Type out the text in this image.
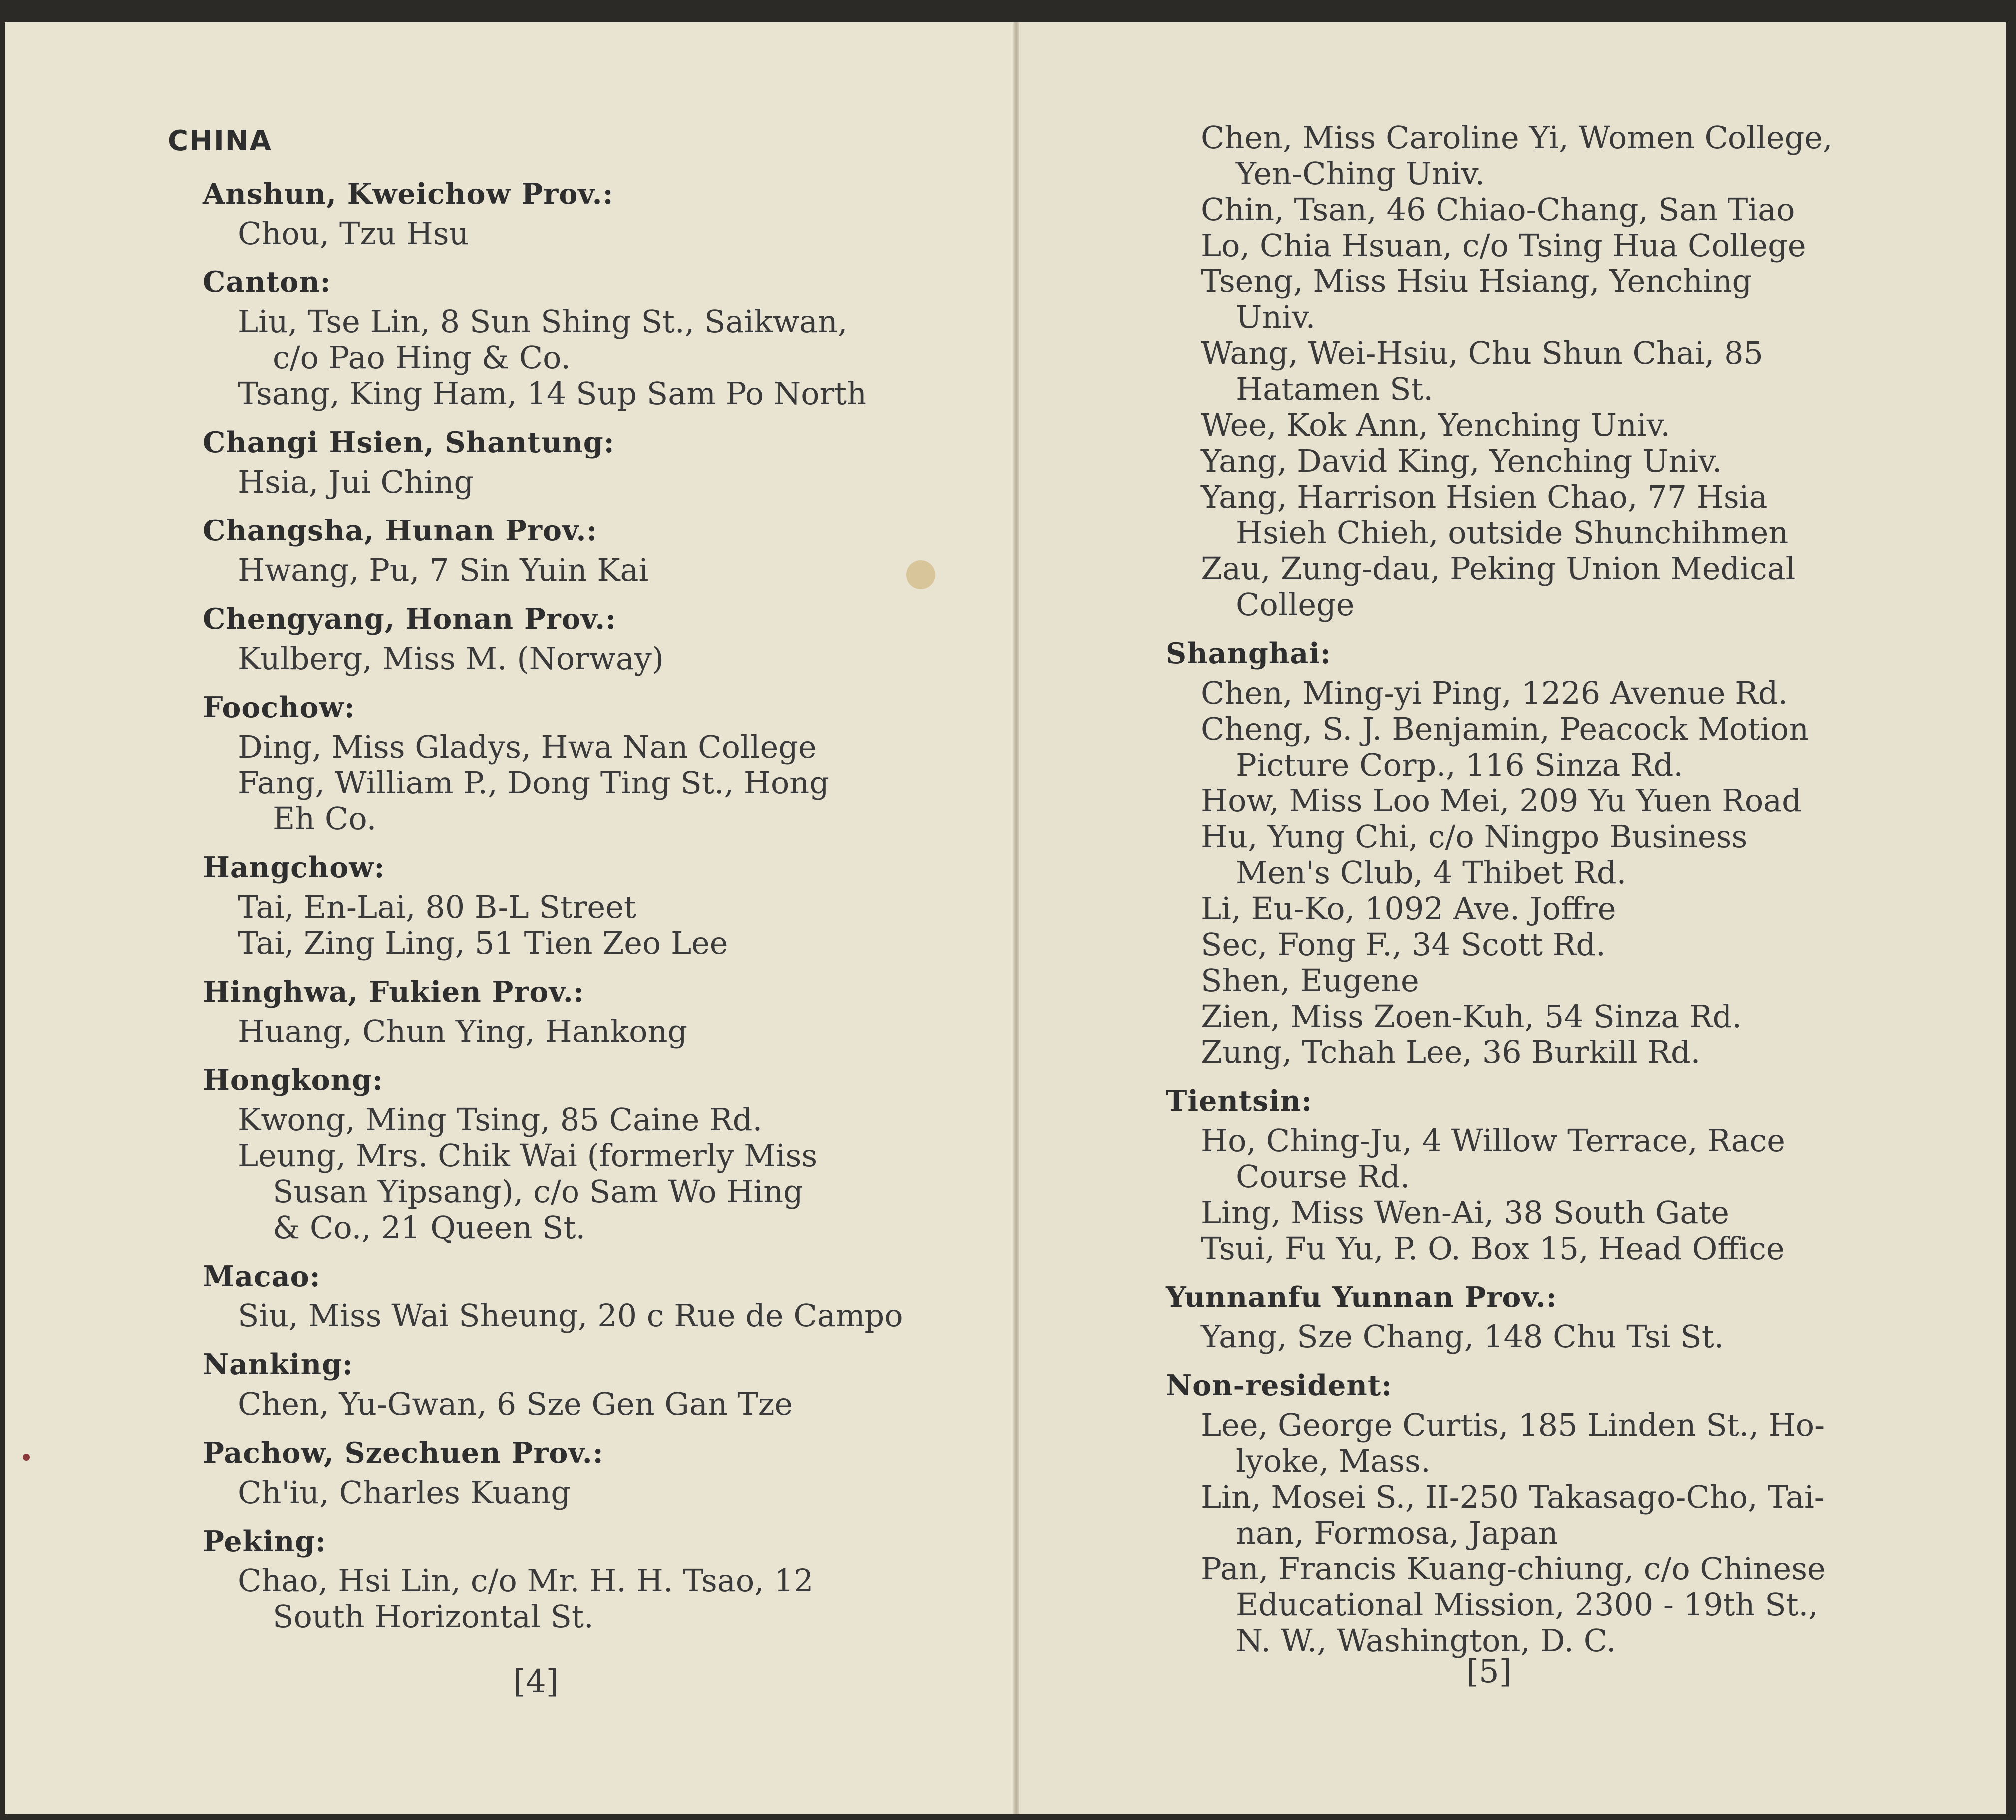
CHINA
Anshun, Kweichow Prov.:
Chou, Tzu Hsu
Canton:
Liu, Tse Lin, 8 Sun Shing St., Saikwan,
c/o Pao Hing & Co.
Tsang, King Ham, 14 Sup Sam Po North
Changi Hsien, Shantung:
Hsia, Jui Ching
Changsha, Hunan Prov.:
Hwang, Pu, 7 Sin Yuin Kai
Chengyang, Honan Prov.:
Kulberg, Miss M. (Norway)
Foochow:
Ding, Miss Gladys, Hwa Nan College
Fang, William P., Dong Ting St., Hong
Eh Co.
Hangchow:
Tai, En-Lai, 80 B-L Street
Tai, Zing Ling, 51 Tien Zeo Lee
Hinghwa, Fukien Prov.:
Huang, Chun Ying, Hankong
Hongkong:
Kwong, Ming Tsing, 85 Caine Rd.
Leung, Mrs. Chik Wai (formerly Miss
Susan Yipsang), c/o Sam Wo Hing
& Co., 21 Queen St.
Macao:
Siu, Miss Wai Sheung, 20 c Rue de Campo
Nanking:
Chen, Yu-Gwan, 6 Sze Gen Gan Tze
Pachow, Szechuen Prov.:
Ch'iu, Charles Kuang
Peking:
Chao, Hsi Lin, c/o Mr. H. H. Tsao, 12
South Horizontal St.
Chen, Miss Caroline Yi, Women College,
Yen-Ching Univ.
Chin, Tsan, 46 Chiao-Chang, San Tiao
Lo, Chia Hsuan, c/o Tsing Hua College
Tseng, Miss Hsiu Hsiang, Yenching
Univ.
Wang, Wei-Hsiu, Chu Shun Chai, 85
Hatamen St.
Wee, Kok Ann, Yenching Univ.
Yang, David King, Yenching Univ.
Yang, Harrison Hsien Chao, 77 Hsia
Hsieh Chieh, outside Shunchihmen
Zau, Zung-dau, Peking Union Medical
College
Shanghai:
Chen, Ming-yi Ping, 1226 Avenue Rd.
Cheng, S. J. Benjamin, Peacock Motion
Picture Corp., 116 Sinza Rd.
How, Miss Loo Mei, 209 Yu Yuen Road
Hu, Yung Chi, c/o Ningpo Business
Men's Club, 4 Thibet Rd.
Li, Eu-Ko, 1092 Ave. Joffre
Sec, Fong F., 34 Scott Rd.
Shen, Eugene
Zien, Miss Zoen-Kuh, 54 Sinza Rd.
Zung, Tchah Lee, 36 Burkill Rd.
Tientsin:
Ho, Ching-Ju, 4 Willow Terrace, Race
Course Rd.
Ling, Miss Wen-Ai, 38 South Gate
Tsui, Fu Yu, P. O. Box 15, Head Office
Yunnanfu Yunnan Prov.:
Yang, Sze Chang, 148 Chu Tsi St.
Non-resident:
Lee, George Curtis, 185 Linden St., Ho-
lyoke, Mass.
Lin, Mosei S., II-250 Takasago-Cho, Tai-
nan, Formosa, Japan
Pan, Francis Kuang-chiung, c/o Chinese
Educational Mission, 2300 - 19th St.,
N. W., Washington, D. C.
[4]	[5]
